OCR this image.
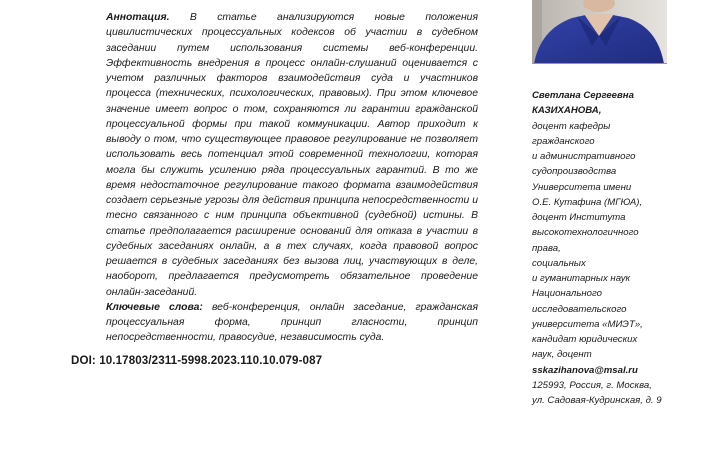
Аннотация. В статье анализируются новые положения цивилистических процессуальных кодексов об участии в судебном заседании путем использования системы веб-конференции. Эффективность внедрения в процесс онлайн-слушаний оценивается с учетом различных факторов взаимодействия суда и участников процесса (технических, психологических, правовых). При этом ключевое значение имеет вопрос о том, сохраняются ли гарантии гражданской процессуальной формы при такой коммуникации. Автор приходит к выводу о том, что существующее правовое регулирование не позволяет использовать весь потенциал этой современной технологии, которая могла бы служить усилению ряда процессуальных гарантий. В то же время недостаточное регулирование такого формата взаимодействия создает серьезные угрозы для действия принципа непосредственности и тесно связанного с ним принципа объективной (судебной) истины. В статье предполагается расширение оснований для отказа в участии в судебных заседаниях онлайн, а в тех случаях, когда правовой вопрос решается в судебных заседаниях без вызова лиц, участвующих в деле, наоборот, предлагается предусмотреть обязательное проведение онлайн-заседаний.

Ключевые слова: веб-конференция, онлайн заседание, гражданская процессуальная форма, принцип гласности, принцип непосредственности, правосудие, независимость суда.

DOI: 10.17803/2311-5998.2023.110.10.079-087
Светлана Сергеевна
КАЗИХАНОВА,
доцент кафедры
гражданского
и административного
судопроизводства
Университета имени
О.Е. Кутафина (МГЮА),
доцент Института
высокотехнологичного
права,
социальных
и гуманитарных наук
Национального
исследовательского
университета «МИЭТ»,
кандидат юридических
наук, доцент
sskazihanova@msal.ru
125993, Россия, г. Москва,
ул. Садовая-Кудринская, д. 9
